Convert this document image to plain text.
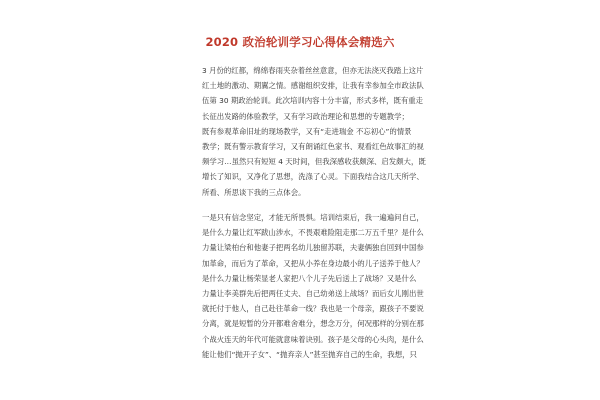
2020 政治轮训学习心得体会精选六
3 月份的红都，绵绵春雨夹杂着丝丝意意，但亦无法浇灭我踏上这片
红土地的激动、期翼之情。感谢组织安排，让我有幸参加全市政法队
伍第 30 期政治轮训。此次培训内容十分丰富，形式多样，既有重走
长征出发路的体验教学，又有学习政治理论和思想的专题教学；
既有参观革命旧址的现场教学，又有“走进瑞金 不忘初心”的情景
教学；既有警示教育学习，又有朗诵红色家书、观看红色故事汇的视
频学习…虽然只有短短 4 天时间，但我深感收获颇深、启发颇大，既
增长了知识，又净化了思想，洗涤了心灵。下面我结合这几天所学、
所看、所思谈下我的三点体会。
一是只有信念坚定，才能无所畏惧。培训结束后，我一遍遍问自己，
是什么力量让红军跋山涉水，不畏艰难险阻走那二万五千里？是什么
力量让梁柏台和他妻子把两名幼儿独留苏联，夫妻俩独自回到中国参
加革命，而后为了革命，又把从小养在身边最小的儿子送养于他人？
是什么力量让杨荣显老人家把八个儿子先后送上了战场？又是什么
力量让李美群先后把两任丈夫、自己幼弟送上战场？而后女儿刚出世
就托付于他人，自己赴往革命一线？我也是一个母亲，跟孩子不要说
分离，就是短暂的分开都难舍难分，想念万分，何况那样的分别在那
个战火连天的年代可能就意味着诀别。孩子是父母的心头肉，是什么
能让他们“抛开子女”、“抛弃亲人”甚至抛弃自己的生命，我想，只
